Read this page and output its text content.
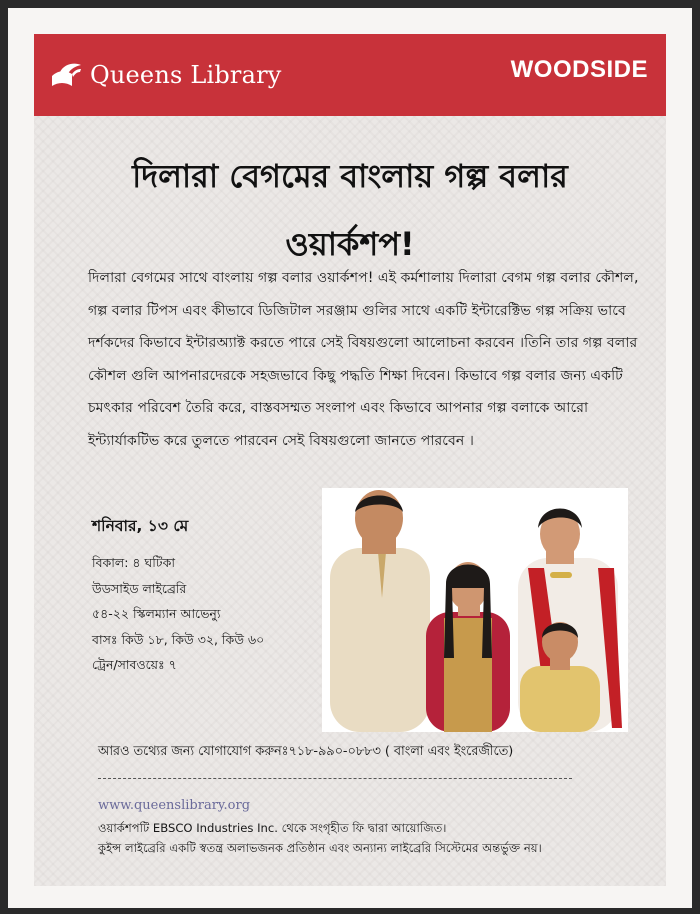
Queens Library	WOODSIDE
দিলারা বেগমের বাংলায় গল্প বলার
ওয়ার্কশপ!
দিলারা বেগমের সাথে বাংলায় গল্প বলার ওয়ার্কশপ! এই কর্মশালায় দিলারা বেগম গল্প বলার কৌশল, গল্প বলার টিপস এবং কীভাবে ডিজিটাল সরঞ্জাম গুলির সাথে একটি ইন্টারেক্টিভ গল্প সক্রিয় ভাবে দর্শকদের কিভাবে ইন্টারঅ্যাক্ট করতে পারে সেই বিষয়গুলো আলোচনা করবেন ।তিনি তার গল্প বলার কৌশল গুলি আপনারদেরকে সহজভাবে কিছু পদ্ধতি শিক্ষা দিবেন। কিভাবে গল্প বলার জন্য একটি চমৎকার পরিবেশ তৈরি করে, বাস্তবসম্মত সংলাপ এবং কিভাবে আপনার গল্প বলাকে আরো ইন্ট্যার্যাকটিভ করে তুলতে পারবেন সেই বিষয়গুলো জানতে পারবেন ।
শনিবার, ১৩ মে
বিকাল: ৪ ঘটিকা
উডসাইড লাইব্রেরি
৫৪-২২ স্কিলম্যান আভেন্যু
বাসঃ কিউ ১৮, কিউ ৩২, কিউ ৬০
ট্রেন/সাবওয়েঃ ৭
আরও তথ্যের জন্য যোগাযোগ করুনঃ৭১৮-৯৯০-০৮৮৩ ( বাংলা এবং ইংরেজীতে)
www.queenslibrary.org
ওয়ার্কশপটি EBSCO Industries Inc. থেকে সংগৃহীত ফি দ্বারা আয়োজিত।
কুইন্স লাইব্রেরি একটি স্বতন্ত্র অলাভজনক প্রতিষ্ঠান এবং অন্যান্য লাইব্রেরি সিস্টেমের অন্তর্ভুক্ত নয়।
